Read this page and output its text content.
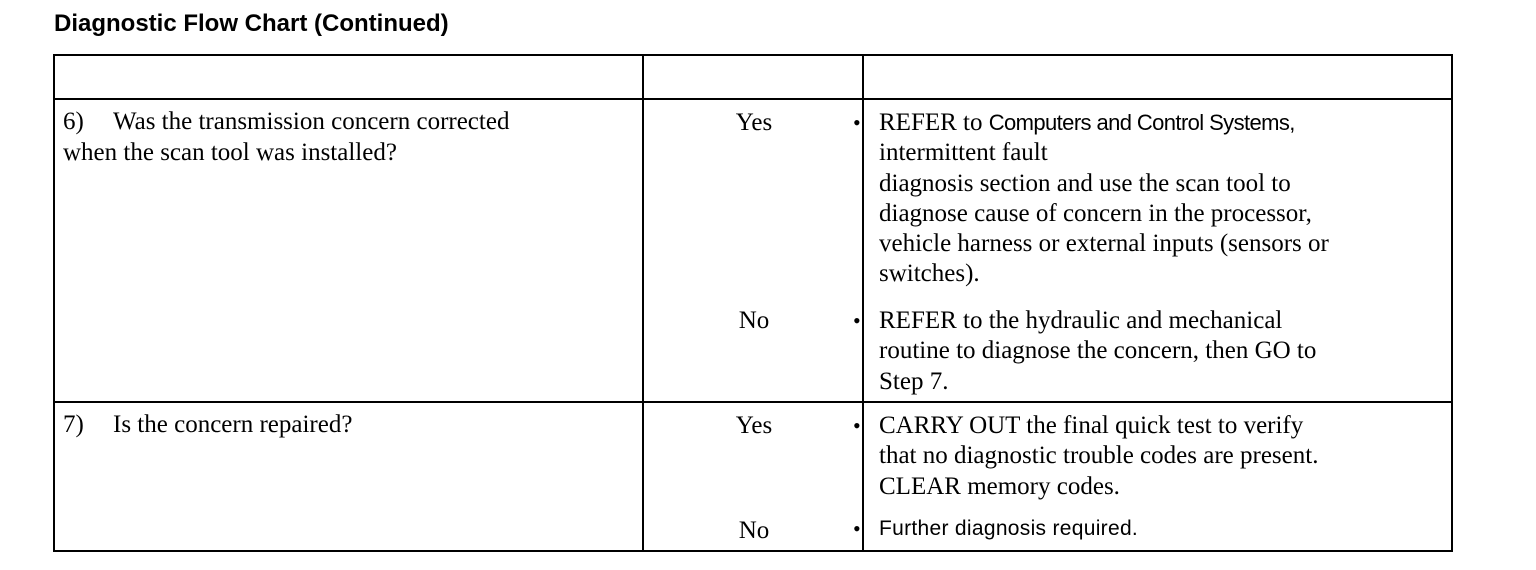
Diagnostic Flow Chart (Continued)
6) Was the transmission concern corrected
when the scan tool was installed?
Yes	• REFER to Computers and Control Systems,
intermittent fault
diagnosis section and use the scan tool to
diagnose cause of concern in the processor,
vehicle harness or external inputs (sensors or
switches).
No	• REFER to the hydraulic and mechanical
routine to diagnose the concern, then GO to
Step 7.
7) Is the concern repaired?	Yes	• CARRY OUT the final quick test to verify
that no diagnostic trouble codes are present.
CLEAR memory codes.
No	• Further diagnosis required.
